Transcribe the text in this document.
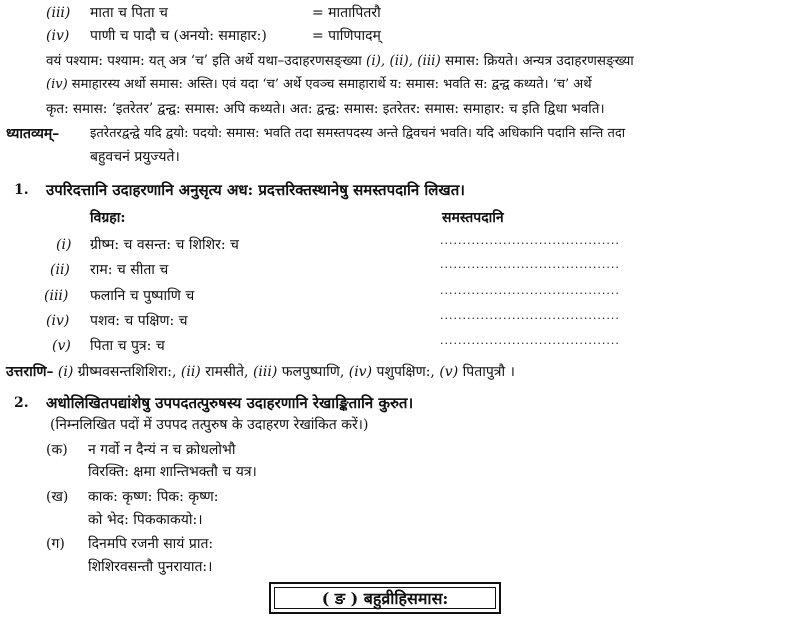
(iii) माता च पिता च	= मातापितरौ
(iv) पाणी च पादौ च (अनयो: समाहार:)	= पाणिपादम्
वयं पश्याम: पश्याम: यत् अत्र ‘च’ इति अर्थे यथा–उदाहरणसङ्ख्या (i), (ii), (iii) समास: क्रियते। अन्यत्र उदाहरणसङ्ख्या
(iv) समाहारस्य अर्थो समास: अस्ति। एवं यदा ‘च’ अर्थे एवञ्च समाहारार्थे य: समास: भवति स: द्वन्द्व कथ्यते। ‘च’ अर्थे
कृत: समास: ‘इतरेतर’ द्वन्द्व: समास: अपि कथ्यते। अत: द्वन्द्व: समास: इतरेतर: समास: समाहार: च इति द्विधा भवति।
ध्यातव्यम्– इतरेतरद्वन्द्वे यदि द्वयो: पदयो: समास: भवति तदा समस्तपदस्य अन्ते द्विवचनं भवति। यदि अधिकानि पदानि सन्ति तदा
बहुवचनं प्रयुज्यते।
1. उपरिदत्तानि उदाहरणानि अनुसृत्य अध: प्रदत्तरिक्तस्थानेषु समस्तपदानि लिखत।
विग्रहा:	समस्तपदानि
(i) ग्रीष्म: च वसन्त: च शिशिर: च	........................................
(ii) राम: च सीता च	........................................
(iii) फलानि च पुष्पाणि च	........................................
(iv) पशव: च पक्षिण: च	........................................
(v) पिता च पुत्र: च	........................................
उत्तराणि– (i) ग्रीष्मवसन्तशिशिरा:, (ii) रामसीते, (iii) फलपुष्पाणि, (iv) पशुपक्षिण:, (v) पितापुत्रौ ।
2. अधोलिखितपद्यांशेषु उपपदतत्पुरुषस्य उदाहरणानि रेखाङ्कितानि कुरुत।
(निम्नलिखित पदों में उपपद तत्पुरुष के उदाहरण रेखांकित करें।)
(क) न गर्वो न दैन्यं न च क्रोधलोभौ
विरक्ति: क्षमा शान्तिभक्तौ च यत्र।
(ख) काक: कृष्ण: पिक: कृष्ण:
को भेद: पिककाकयो:।
(ग) दिनमपि रजनी सायं प्रात:
शिशिरवसन्तौ पुनरायात:।
( ङ ) बहुव्रीहिसमास:
